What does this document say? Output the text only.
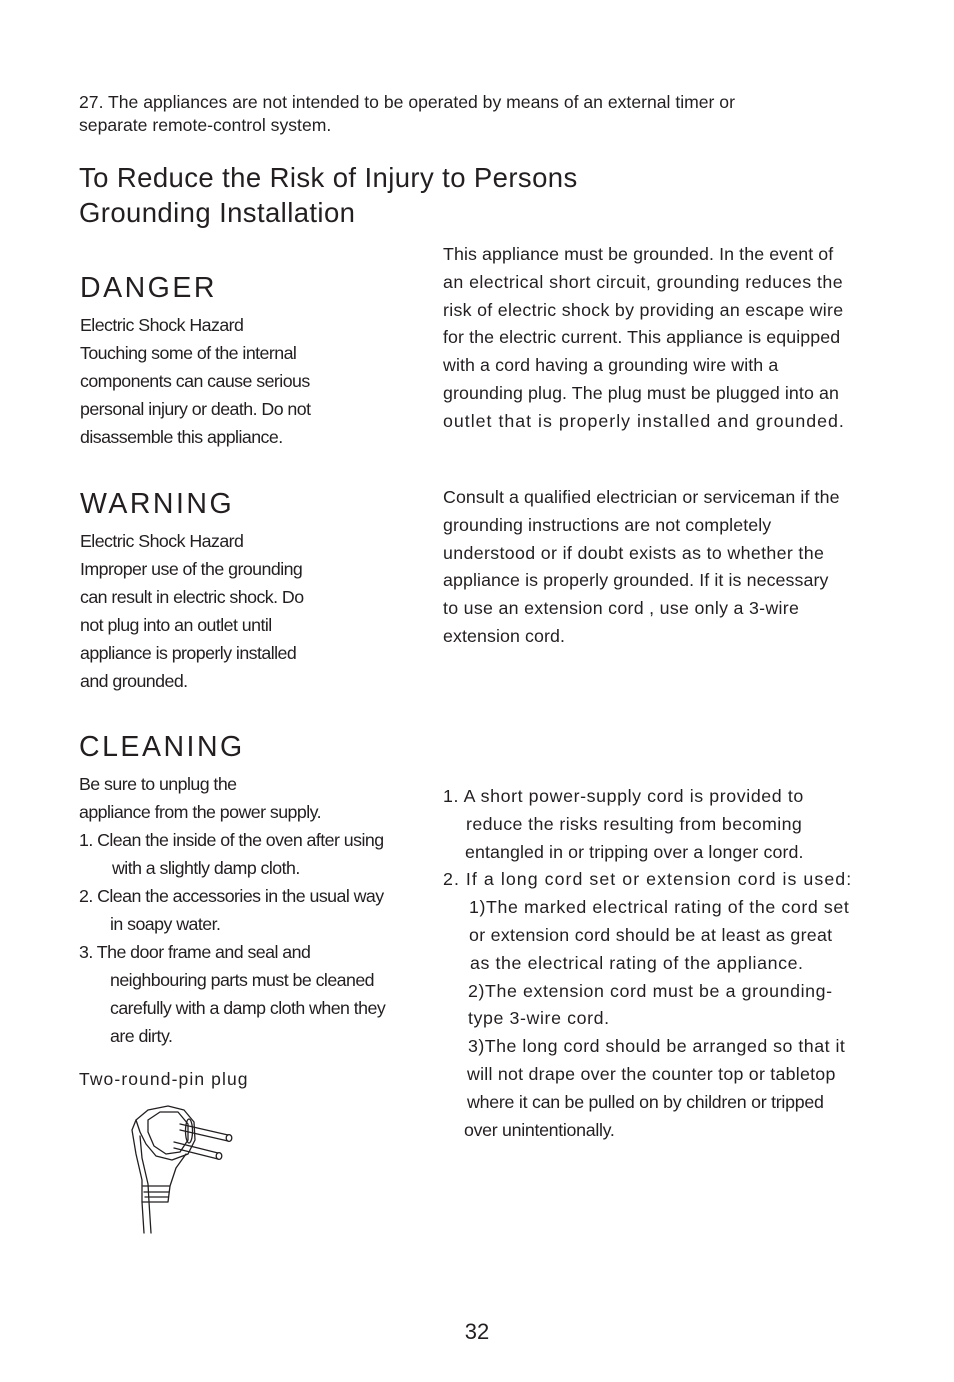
27. The appliances are not intended to be operated by means of an external timer or
separate remote-control system.
To Reduce the Risk of Injury to Persons
Grounding Installation
DANGER
Electric Shock Hazard
Touching some of the internal
components can cause serious
personal injury or death. Do not
disassemble this appliance.
WARNING
Electric Shock Hazard
Improper use of the grounding
can result in electric shock. Do
not plug into an outlet until
appliance is properly installed
and grounded.
CLEANING
Be sure to unplug the
appliance from the power supply.
1. Clean the inside of the oven after using
with a slightly damp cloth.
2. Clean the accessories in the usual way
in soapy water.
3. The door frame and seal and
neighbouring parts must be cleaned
carefully with a damp cloth when they
are dirty.
Two-round-pin plug
This appliance must be grounded. In the event of
an electrical short circuit, grounding reduces the
risk of electric shock by providing an escape wire
for the electric current. This appliance is equipped
with a cord having a grounding wire with a
grounding plug. The plug must be plugged into an
outlet that is properly installed and grounded.
Consult a qualified electrician or serviceman if the
grounding instructions are not completely
understood or if doubt exists as to whether the
appliance is properly grounded. If it is necessary
to use an extension cord , use only a 3-wire
extension cord.
1. A short power-supply cord is provided to
reduce the risks resulting from becoming
entangled in or tripping over a longer cord.
2. If a long cord set or extension cord is used:
1)The marked electrical rating of the cord set
or extension cord should be at least as great
as the electrical rating of the appliance.
2)The extension cord must be a grounding-
type 3-wire cord.
3)The long cord should be arranged so that it
will not drape over the counter top or tabletop
where it can be pulled on by children or tripped
over unintentionally.
32
